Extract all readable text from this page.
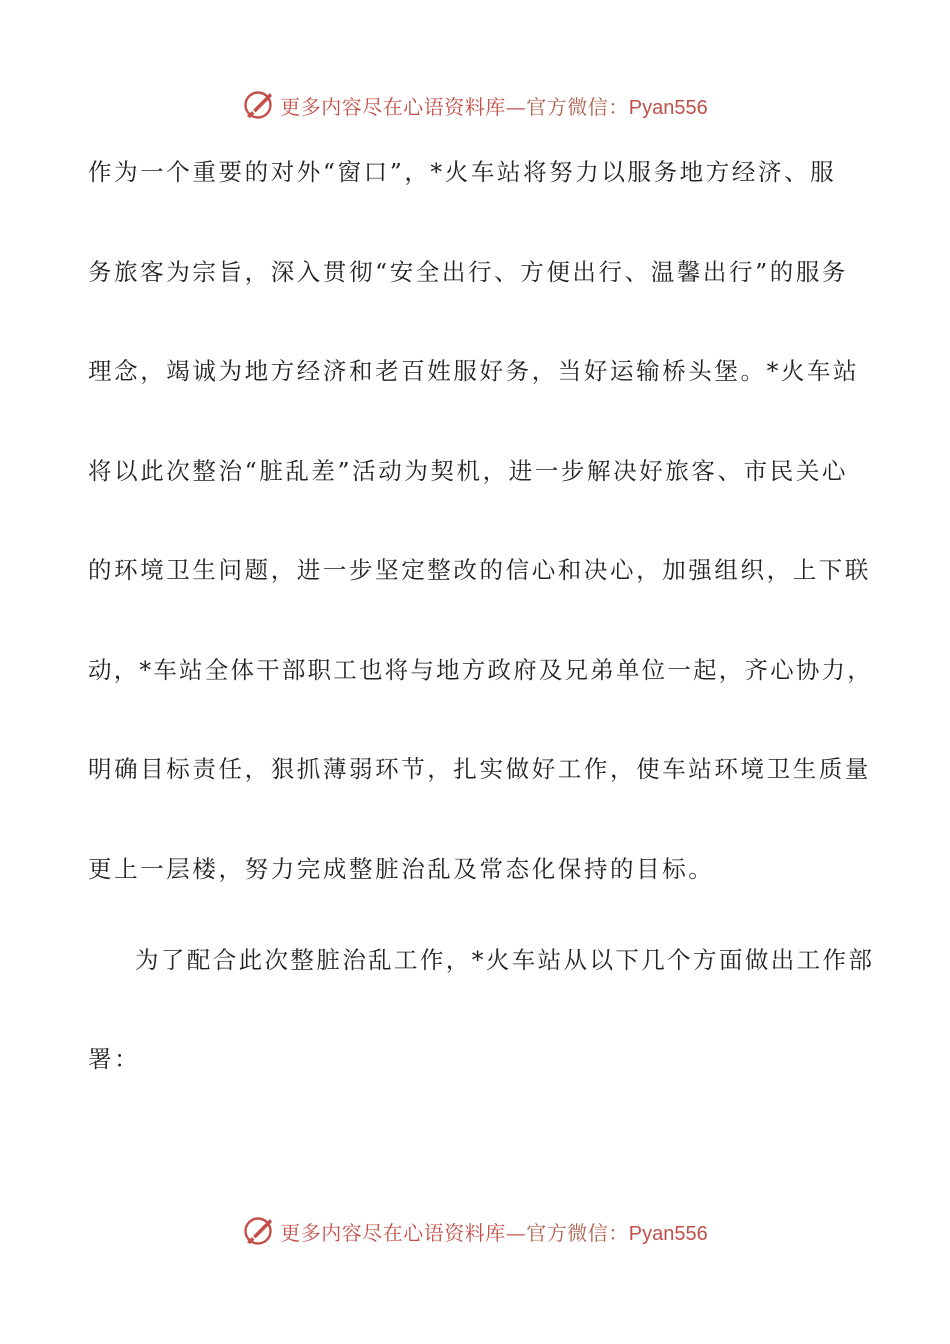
更多内容尽在心语资料库—官方微信：Pyan556
作为一个重要的对外“窗口”，*火车站将努力以服务地方经济、服
务旅客为宗旨，深入贯彻“安全出行、方便出行、温馨出行”的服务
理念，竭诚为地方经济和老百姓服好务，当好运输桥头堡。*火车站
将以此次整治“脏乱差”活动为契机，进一步解决好旅客、市民关心
的环境卫生问题，进一步坚定整改的信心和决心，加强组织，上下联
动，*车站全体干部职工也将与地方政府及兄弟单位一起，齐心协力，
明确目标责任，狠抓薄弱环节，扎实做好工作，使车站环境卫生质量
更上一层楼，努力完成整脏治乱及常态化保持的目标。
为了配合此次整脏治乱工作，*火车站从以下几个方面做出工作部
署：
更多内容尽在心语资料库—官方微信：Pyan556
